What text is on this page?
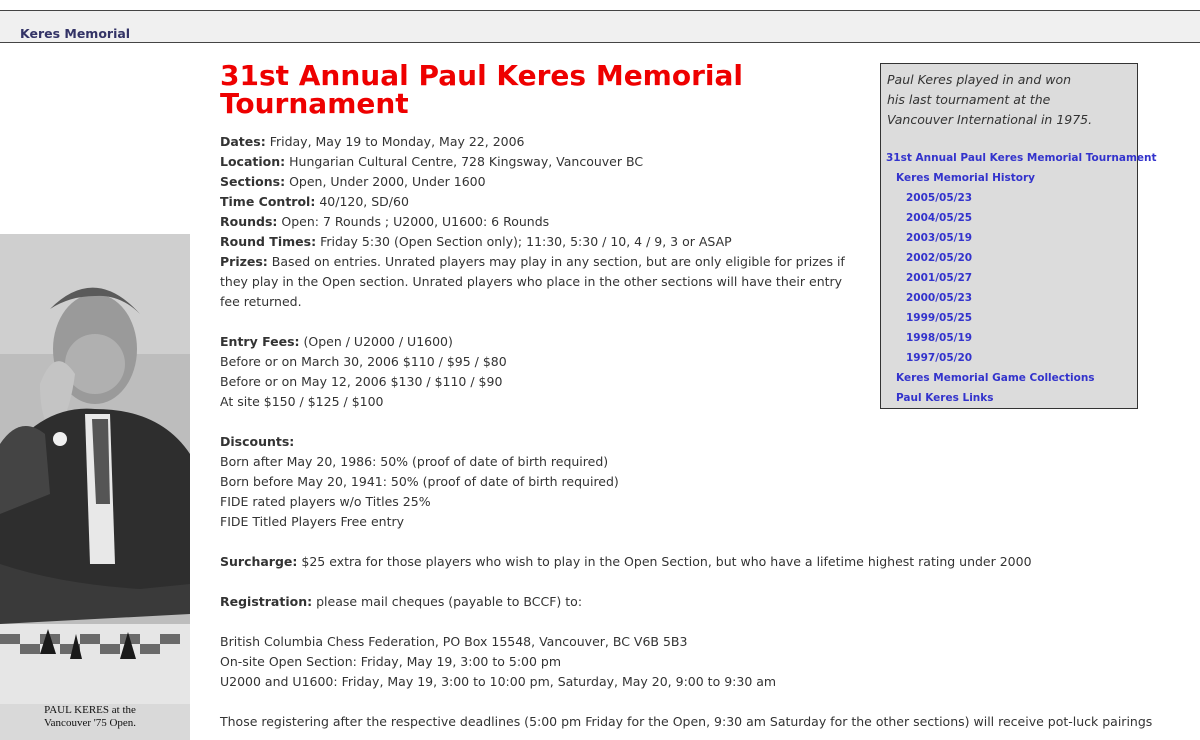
Keres Memorial
PAUL KERES at the
Vancouver '75 Open.
31st Annual Paul Keres Memorial Tournament
Dates: Friday, May 19 to Monday, May 22, 2006
Location: Hungarian Cultural Centre, 728 Kingsway, Vancouver BC
Sections: Open, Under 2000, Under 1600
Time Control: 40/120, SD/60
Rounds: Open: 7 Rounds ; U2000, U1600: 6 Rounds
Round Times: Friday 5:30 (Open Section only); 11:30, 5:30 / 10, 4 / 9, 3 or ASAP
Prizes: Based on entries. Unrated players may play in any section, but are only eligible for prizes if they play in the Open section. Unrated players who place in the other sections will have their entry fee returned.
Entry Fees: (Open / U2000 / U1600)
Before or on March 30, 2006 $110 / $95 / $80
Before or on May 12, 2006 $130 / $110 / $90
At site $150 / $125 / $100
Discounts:
Born after May 20, 1986: 50% (proof of date of birth required)
Born before May 20, 1941: 50% (proof of date of birth required)
FIDE rated players w/o Titles 25%
FIDE Titled Players Free entry
Surcharge: $25 extra for those players who wish to play in the Open Section, but who have a lifetime highest rating under 2000
Registration: please mail cheques (payable to BCCF) to:
British Columbia Chess Federation, PO Box 15548, Vancouver, BC V6B 5B3
On-site Open Section: Friday, May 19, 3:00 to 5:00 pm
U2000 and U1600: Friday, May 19, 3:00 to 10:00 pm, Saturday, May 20, 9:00 to 9:30 am
Those registering after the respective deadlines (5:00 pm Friday for the Open, 9:30 am Saturday for the other sections) will receive pot-luck pairings
Paul Keres played in and won
his last tournament at the
Vancouver International in 1975.
31st Annual Paul Keres Memorial Tournament
Keres Memorial History
2005/05/23
2004/05/25
2003/05/19
2002/05/20
2001/05/27
2000/05/23
1999/05/25
1998/05/19
1997/05/20
Keres Memorial Game Collections
Paul Keres Links
